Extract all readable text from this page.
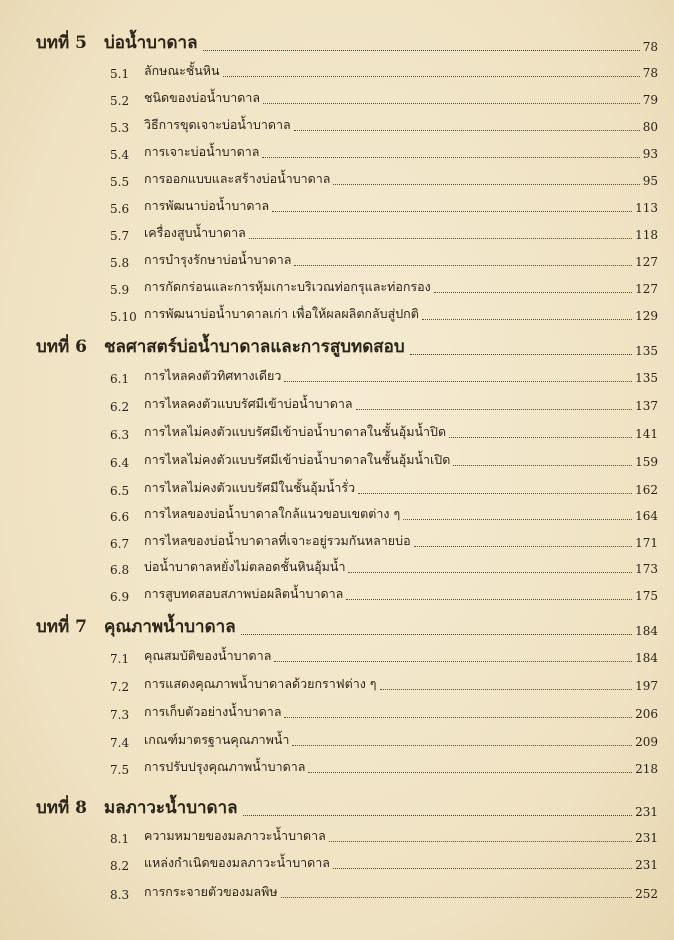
บทที่ 5	บ่อน้ำบาดาล	78
5.1	ลักษณะชั้นหิน	78
5.2	ชนิดของบ่อน้ำบาดาล	79
5.3	วิธีการขุดเจาะบ่อน้ำบาดาล	80
5.4	การเจาะบ่อน้ำบาดาล	93
5.5	การออกแบบและสร้างบ่อน้ำบาดาล	95
5.6	การพัฒนาบ่อน้ำบาดาล	113
5.7	เครื่องสูบน้ำบาดาล	118
5.8	การบำรุงรักษาบ่อน้ำบาดาล	127
5.9	การกัดกร่อนและการหุ้มเกาะบริเวณท่อกรุและท่อกรอง	127
5.10 การพัฒนาบ่อน้ำบาดาลเก่า เพื่อให้ผลผลิตกลับสู่ปกติ	129
บทที่ 6	ชลศาสตร์บ่อน้ำบาดาลและการสูบทดสอบ	135
6.1	การไหลคงตัวทิศทางเดียว	135
6.2	การไหลคงตัวแบบรัศมีเข้าบ่อน้ำบาดาล	137
6.3	การไหลไม่คงตัวแบบรัศมีเข้าบ่อน้ำบาดาลในชั้นอุ้มน้ำปิด	141
6.4	การไหลไม่คงตัวแบบรัศมีเข้าบ่อน้ำบาดาลในชั้นอุ้มน้ำเปิด	159
6.5	การไหลไม่คงตัวแบบรัศมีในชั้นอุ้มน้ำรั่ว	162
6.6	การไหลของบ่อน้ำบาดาลใกล้แนวขอบเขตต่าง ๆ	164
6.7	การไหลของบ่อน้ำบาดาลที่เจาะอยู่รวมกันหลายบ่อ	171
6.8	บ่อน้ำบาดาลหยั่งไม่ตลอดชั้นหินอุ้มน้ำ	173
6.9	การสูบทดสอบสภาพบ่อผลิตน้ำบาดาล	175
บทที่ 7	คุณภาพน้ำบาดาล	184
7.1	คุณสมบัติของน้ำบาดาล	184
7.2	การแสดงคุณภาพน้ำบาดาลด้วยกราฟต่าง ๆ	197
7.3	การเก็บตัวอย่างน้ำบาดาล	206
7.4	เกณฑ์มาตรฐานคุณภาพน้ำ	209
7.5	การปรับปรุงคุณภาพน้ำบาดาล	218
บทที่ 8	มลภาวะน้ำบาดาล	231
8.1	ความหมายของมลภาวะน้ำบาดาล	231
8.2	แหล่งกำเนิดของมลภาวะน้ำบาดาล	231
8.3	การกระจายตัวของมลพิษ	252
